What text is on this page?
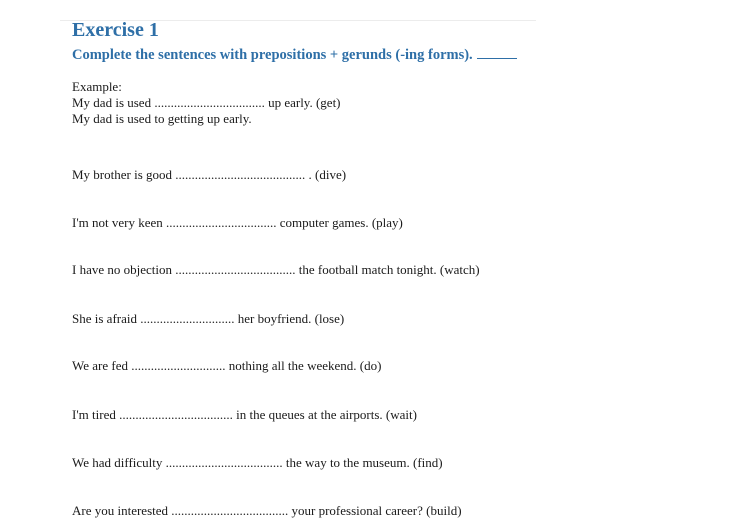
Exercise 1
Complete the sentences with prepositions + gerunds (-ing forms).
Example:
My dad is used .................................. up early. (get)
My dad is used to getting up early.
My brother is good ........................................ . (dive)
I'm not very keen .................................. computer games. (play)
I have no objection ..................................... the football match tonight. (watch)
She is afraid ............................. her boyfriend. (lose)
We are fed ............................. nothing all the weekend. (do)
I'm tired ................................... in the queues at the airports. (wait)
We had difficulty .................................... the way to the museum. (find)
Are you interested .................................... your professional career? (build)
